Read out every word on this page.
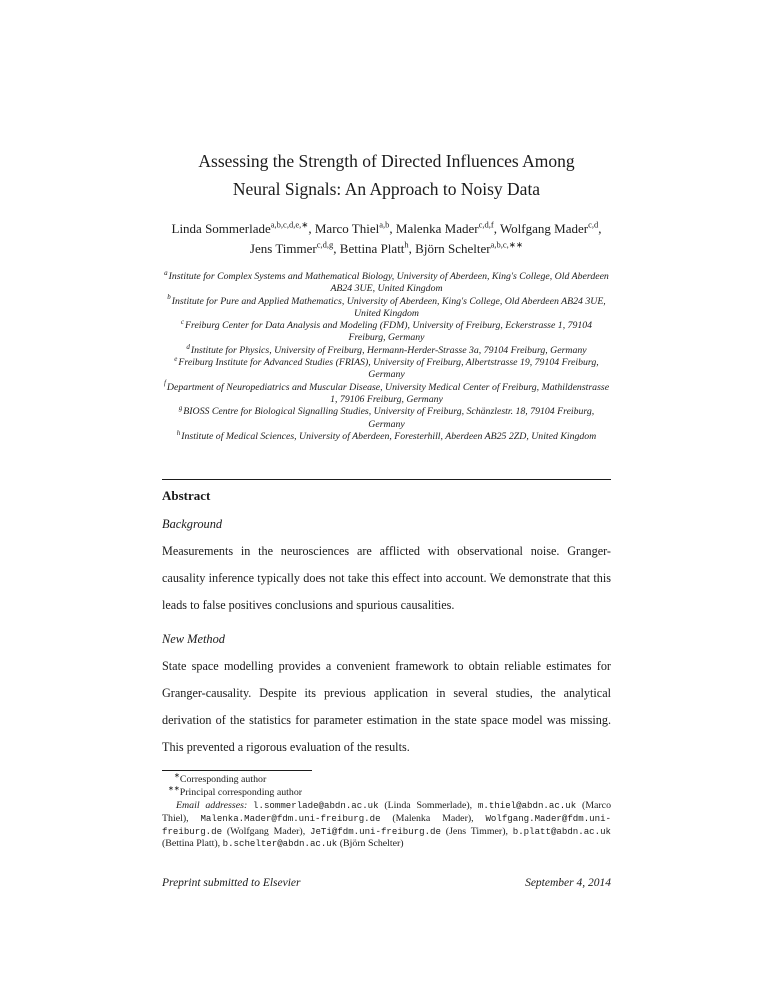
Assessing the Strength of Directed Influences Among
Neural Signals: An Approach to Noisy Data
Linda Sommerlade$^{a,b,c,d,e,∗}$, Marco Thiel$^{a,b}$, Malenka Mader$^{c,d,f}$, Wolfgang Mader$^{c,d}$, Jens Timmer$^{c,d,g}$, Bettina Platt$^h$, Björn Schelter$^{a,b,c,∗∗}$
$^a$Institute for Complex Systems and Mathematical Biology, University of Aberdeen, King's College, Old Aberdeen AB24 3UE, United Kingdom
$^b$Institute for Pure and Applied Mathematics, University of Aberdeen, King's College, Old Aberdeen AB24 3UE, United Kingdom
$^c$Freiburg Center for Data Analysis and Modeling (FDM), University of Freiburg, Eckerstrasse 1, 79104 Freiburg, Germany
$^d$Institute for Physics, University of Freiburg, Hermann-Herder-Strasse 3a, 79104 Freiburg, Germany
$^e$Freiburg Institute for Advanced Studies (FRIAS), University of Freiburg, Albertstrasse 19, 79104 Freiburg, Germany
$^f$Department of Neuropediatrics and Muscular Disease, University Medical Center of Freiburg, Mathildenstrasse 1, 79106 Freiburg, Germany
$^g$BIOSS Centre for Biological Signalling Studies, University of Freiburg, Schänzlestr. 18, 79104 Freiburg, Germany
$^h$Institute of Medical Sciences, University of Aberdeen, Foresterhill, Aberdeen AB25 2ZD, United Kingdom
Abstract

Background

Measurements in the neurosciences are afflicted with observational noise. Granger-causality inference typically does not take this effect into account. We demonstrate that this leads to false positives conclusions and spurious causalities.

New Method

State space modelling provides a convenient framework to obtain reliable estimates for Granger-causality. Despite its previous application in several studies, the analytical derivation of the statistics for parameter estimation in the state space model was missing. This prevented a rigorous evaluation of the results.

∗Corresponding author

∗∗Principal corresponding author

Email addresses: l.sommerlade@abdn.ac.uk (Linda Sommerlade), m.thiel@abdn.ac.uk (Marco Thiel), Malenka.Mader@fdm.uni-freiburg.de (Malenka Mader), Wolfgang.Mader@fdm.uni-freiburg.de (Wolfgang Mader), JeTi@fdm.uni-freiburg.de (Jens Timmer), b.platt@abdn.ac.uk (Bettina Platt), b.schelter@abdn.ac.uk (Björn Schelter)

Preprint submitted to Elsevier	September 4, 2014
